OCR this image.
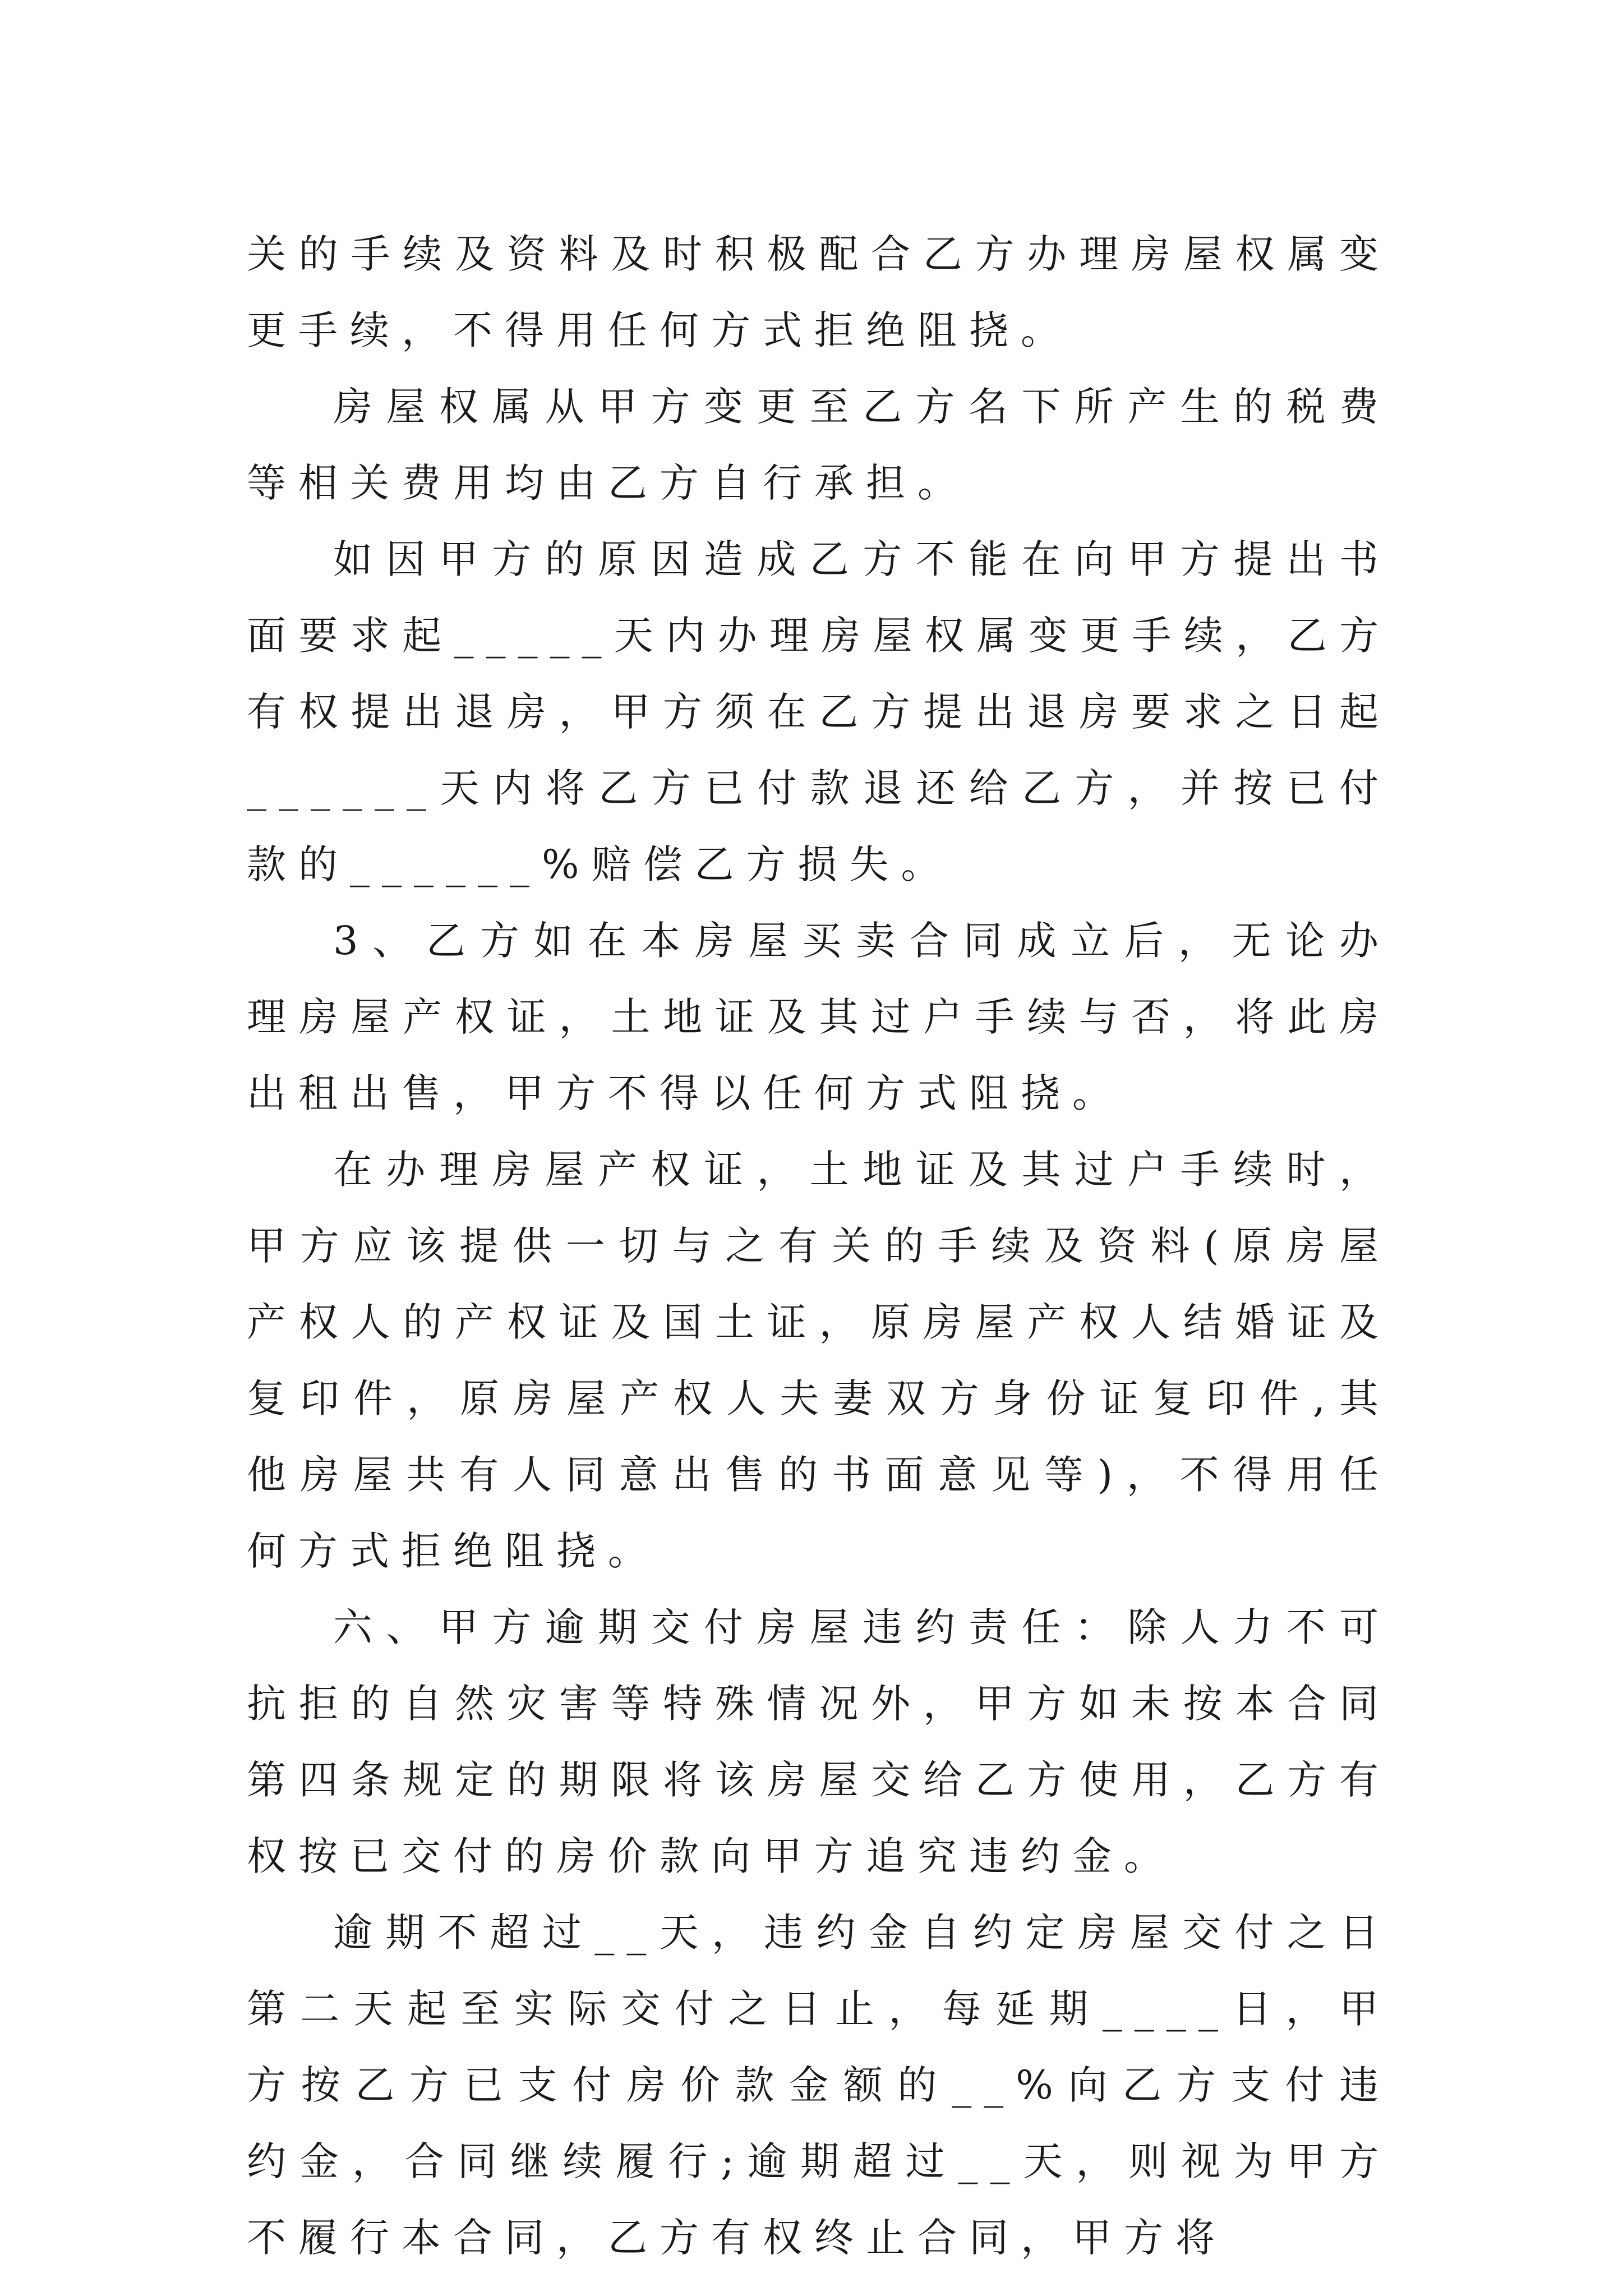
关的手续及资料及时积极配合乙方办理房屋权属变更手续，不得用任何方式拒绝阻挠。

房屋权属从甲方变更至乙方名下所产生的税费等相关费用均由乙方自行承担。

如因甲方的原因造成乙方不能在向甲方提出书面要求起_____天内办理房屋权属变更手续，乙方有权提出退房，甲方须在乙方提出退房要求之日起______天内将乙方已付款退还给乙方，并按已付款的______%赔偿乙方损失。

3、乙方如在本房屋买卖合同成立后，无论办理房屋产权证，土地证及其过户手续与否，将此房出租出售，甲方不得以任何方式阻挠。

在办理房屋产权证，土地证及其过户手续时，甲方应该提供一切与之有关的手续及资料(原房屋产权人的产权证及国土证，原房屋产权人结婚证及复印件，原房屋产权人夫妻双方身份证复印件,其他房屋共有人同意出售的书面意见等)，不得用任何方式拒绝阻挠。

六、甲方逾期交付房屋违约责任：除人力不可抗拒的自然灾害等特殊情况外，甲方如未按本合同第四条规定的期限将该房屋交给乙方使用，乙方有权按已交付的房价款向甲方追究违约金。

逾期不超过__天，违约金自约定房屋交付之日第二天起至实际交付之日止，每延期____日，甲方按乙方已支付房价款金额的__%向乙方支付违约金，合同继续履行;逾期超过__天，则视为甲方不履行本合同，乙方有权终止合同，甲方将
